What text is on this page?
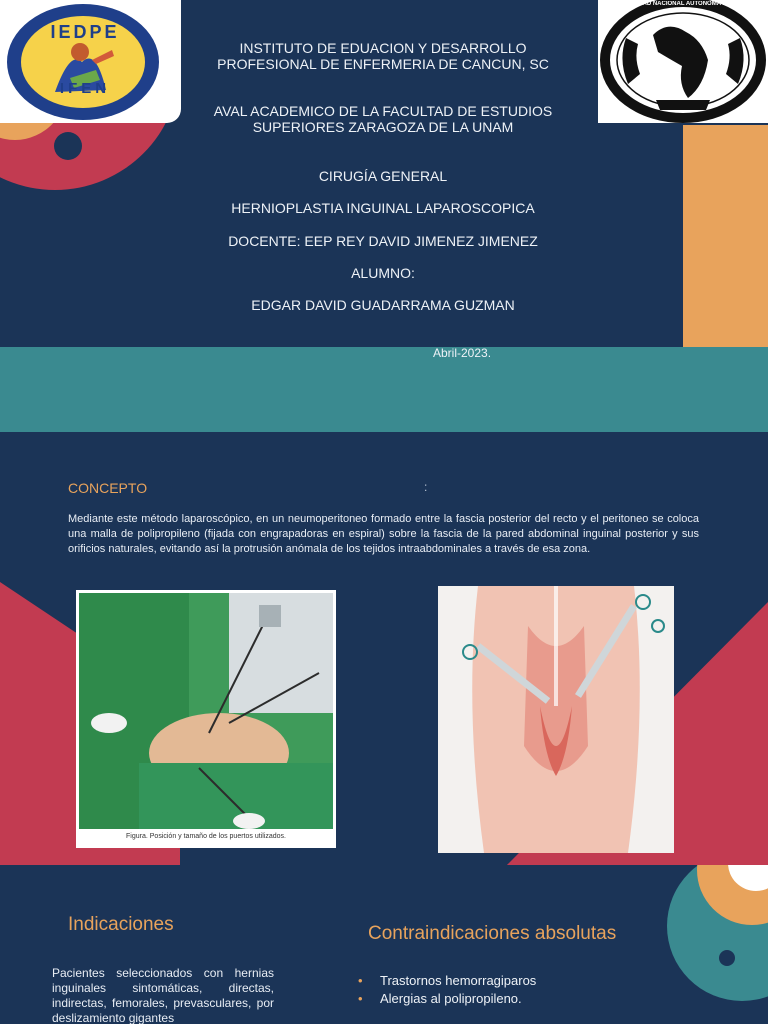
IEDPE
IFEN
UNIVERSIDAD NACIONAL AUTONOMA DE MEXICO
INSTITUTO DE EDUACION Y DESARROLLO
PROFESIONAL DE ENFERMERIA DE CANCUN, SC
AVAL ACADEMICO DE LA FACULTAD DE ESTUDIOS
SUPERIORES ZARAGOZA DE LA UNAM
CIRUGÍA GENERAL
HERNIOPLASTIA INGUINAL LAPAROSCOPICA
DOCENTE: EEP REY DAVID JIMENEZ JIMENEZ
ALUMNO:
EDGAR DAVID GUADARRAMA GUZMAN
Abril-2023.
CONCEPTO	:
Mediante este método laparoscópico, en un neumoperitoneo formado entre la fascia posterior del recto y el peritoneo se coloca una malla de polipropileno (fijada con engrapadoras en espiral) sobre la fascia de la pared abdominal inguinal posterior y sus orificios naturales, evitando así la protrusión anómala de los tejidos intraabdominales a través de esa zona.
Figura. Posición y tamaño de los puertos utilizados.
Indicaciones
Pacientes seleccionados con hernias inguinales sintomáticas, directas, indirectas, femorales, prevasculares, por deslizamiento gigantes
Contraindicaciones absolutas
• Trastornos hemorragiparos
• Alergias al polipropileno.
